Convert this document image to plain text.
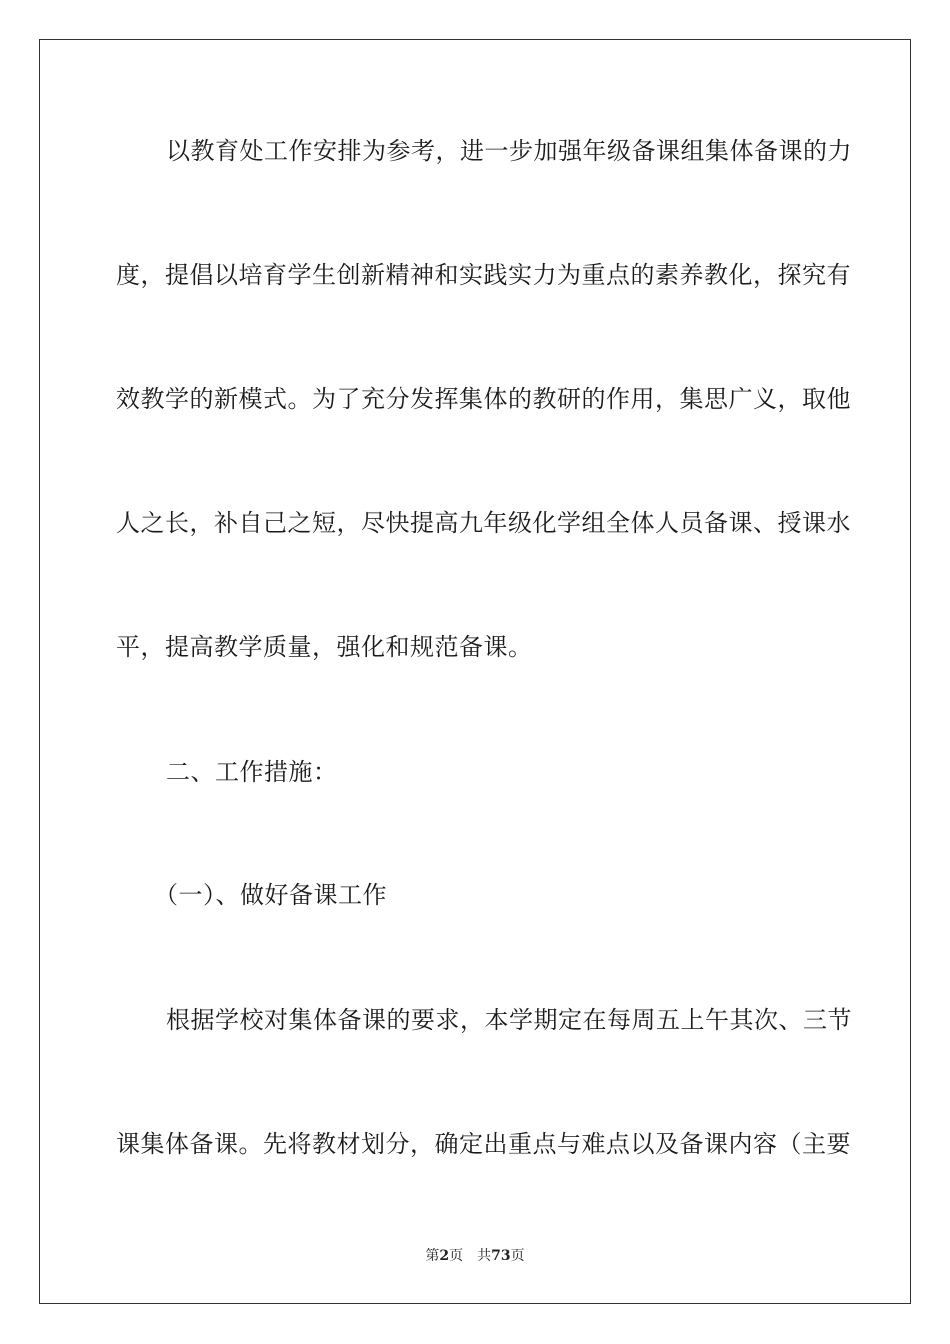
以教育处工作安排为参考，进一步加强年级备课组集体备课的力
度，提倡以培育学生创新精神和实践实力为重点的素养教化，探究有
效教学的新模式。为了充分发挥集体的教研的作用，集思广义，取他
人之长，补自己之短，尽快提高九年级化学组全体人员备课、授课水
平，提高教学质量，强化和规范备课。
二、工作措施：
（一）、做好备课工作
根据学校对集体备课的要求，本学期定在每周五上午其次、三节
课集体备课。先将教材划分，确定出重点与难点以及备课内容（主要
第2页 共73页
